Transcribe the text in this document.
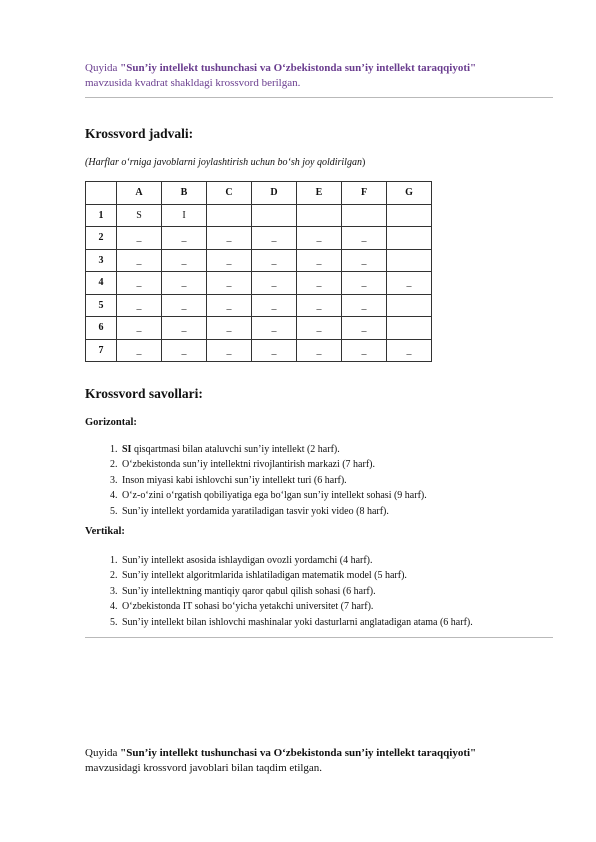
Quyida "Sun’iy intellekt tushunchasi va O‘zbekistonda sun’iy intellekt taraqqiyoti"
mavzusida kvadrat shakldagi krossvord berilgan.
Krossvord jadvali:
(Harflar o‘rniga javoblarni joylashtirish uchun bo‘sh joy qoldirilgan)
	A	B	C	D	E	F	G
1	S	I					
2	_	_	_	_	_	_	
3	_	_	_	_	_	_	
4	_	_	_	_	_	_	_
5	_	_	_	_	_	_	
6	_	_	_	_	_	_	
7	_	_	_	_	_	_	_
Krossvord savollari:
Gorizontal:
1. SI qisqartmasi bilan ataluvchi sun’iy intellekt (2 harf).
2. O‘zbekistonda sun’iy intellektni rivojlantirish markazi (7 harf).
3. Inson miyasi kabi ishlovchi sun’iy intellekt turi (6 harf).
4. O‘z-o‘zini o‘rgatish qobiliyatiga ega bo‘lgan sun’iy intellekt sohasi (9 harf).
5. Sun’iy intellekt yordamida yaratiladigan tasvir yoki video (8 harf).
Vertikal:
1. Sun’iy intellekt asosida ishlaydigan ovozli yordamchi (4 harf).
2. Sun’iy intellekt algoritmlarida ishlatiladigan matematik model (5 harf).
3. Sun’iy intellektning mantiqiy qaror qabul qilish sohasi (6 harf).
4. O‘zbekistonda IT sohasi bo‘yicha yetakchi universitet (7 harf).
5. Sun’iy intellekt bilan ishlovchi mashinalar yoki dasturlarni anglatadigan atama (6 harf).
Quyida "Sun’iy intellekt tushunchasi va O‘zbekistonda sun’iy intellekt taraqqiyoti"
mavzusidagi krossvord javoblari bilan taqdim etilgan.
